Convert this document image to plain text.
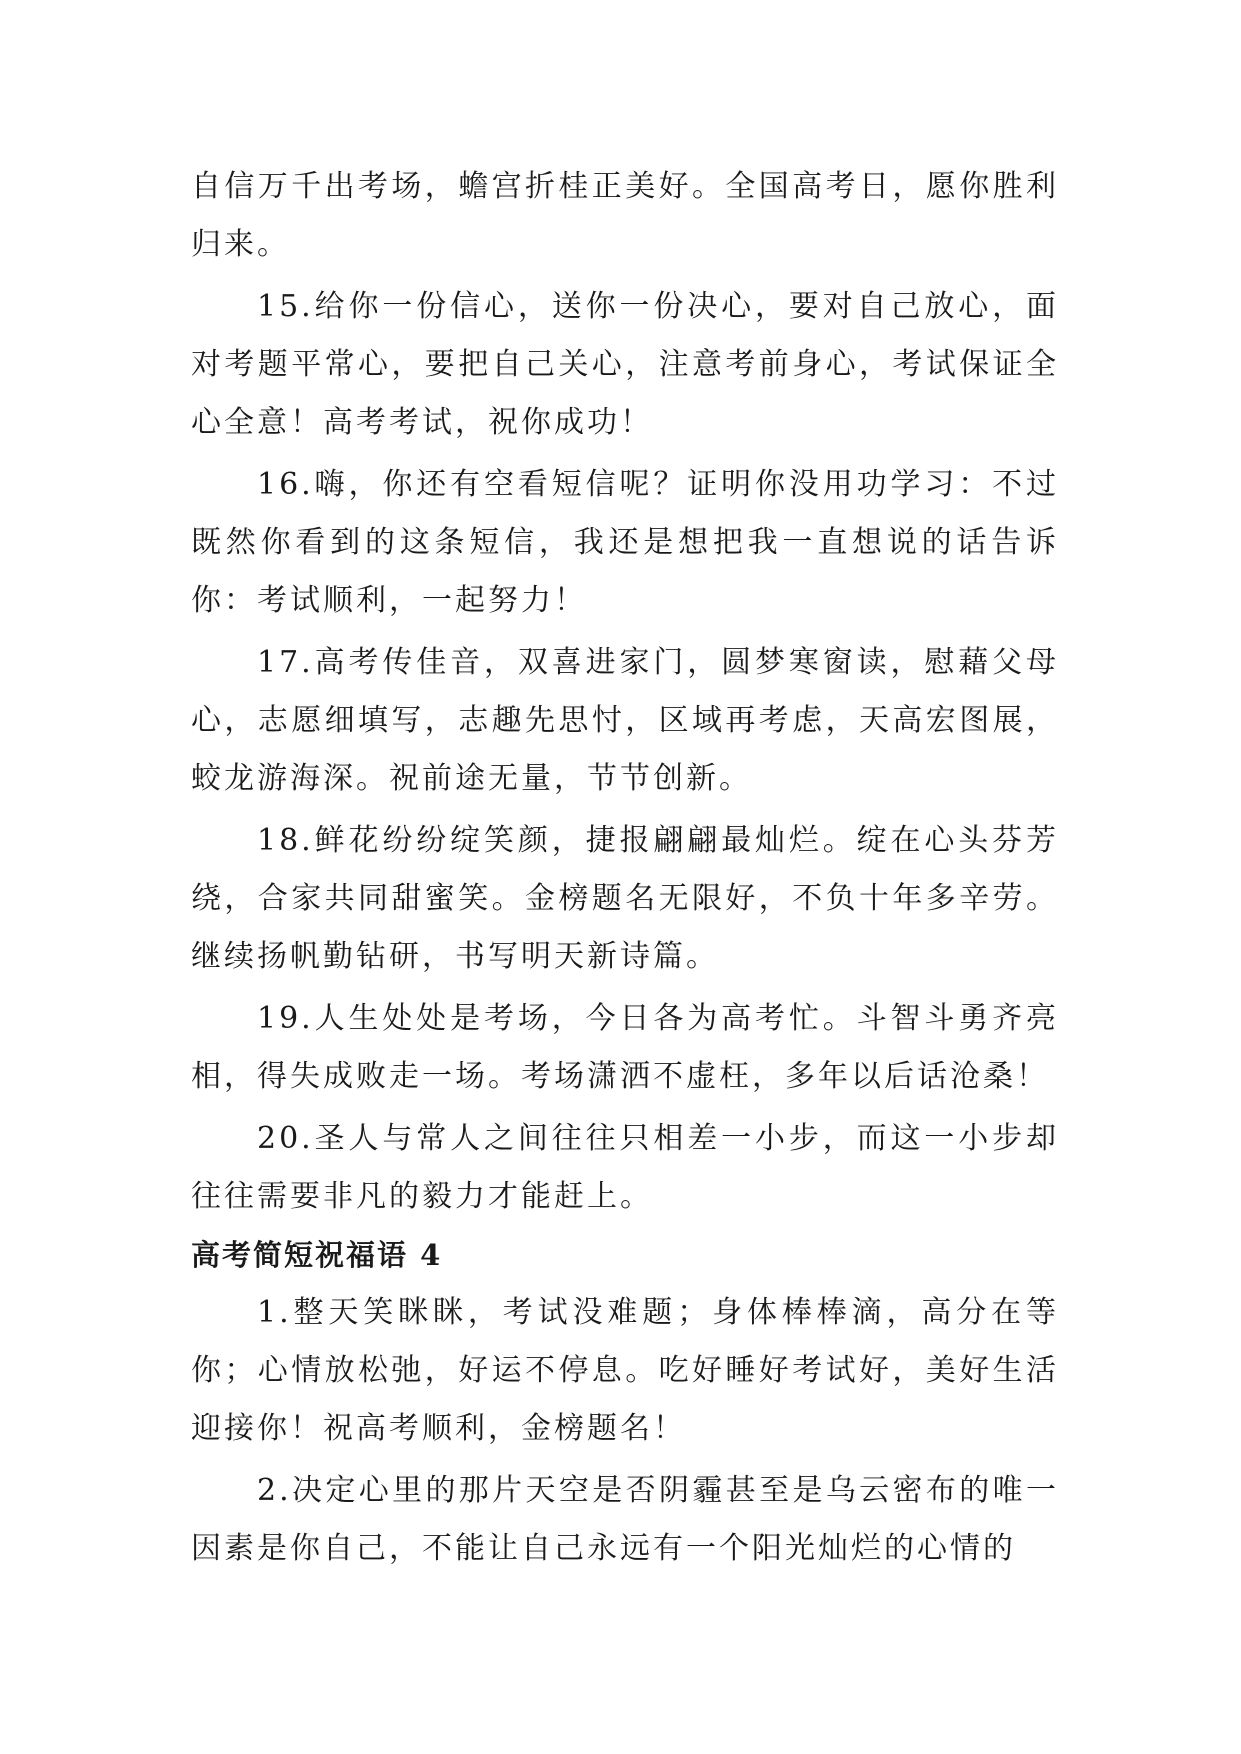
自信万千出考场，蟾宫折桂正美好。全国高考日，愿你胜利归来。

15.给你一份信心，送你一份决心，要对自己放心，面对考题平常心，要把自己关心，注意考前身心，考试保证全心全意！高考考试，祝你成功！

16.嗨，你还有空看短信呢？证明你没用功学习：不过既然你看到的这条短信，我还是想把我一直想说的话告诉你：考试顺利，一起努力！

17.高考传佳音，双喜进家门，圆梦寒窗读，慰藉父母心，志愿细填写，志趣先思忖，区域再考虑，天高宏图展，蛟龙游海深。祝前途无量，节节创新。

18.鲜花纷纷绽笑颜，捷报翩翩最灿烂。绽在心头芬芳绕，合家共同甜蜜笑。金榜题名无限好，不负十年多辛劳。继续扬帆勤钻研，书写明天新诗篇。

19.人生处处是考场，今日各为高考忙。斗智斗勇齐亮相，得失成败走一场。考场潇洒不虚枉，多年以后话沧桑！

20.圣人与常人之间往往只相差一小步，而这一小步却往往需要非凡的毅力才能赶上。

高考简短祝福语 4

1.整天笑眯眯，考试没难题；身体棒棒滴，高分在等你；心情放松弛，好运不停息。吃好睡好考试好，美好生活迎接你！祝高考顺利，金榜题名！

2.决定心里的那片天空是否阴霾甚至是乌云密布的唯一因素是你自己，不能让自己永远有一个阳光灿烂的心情的
